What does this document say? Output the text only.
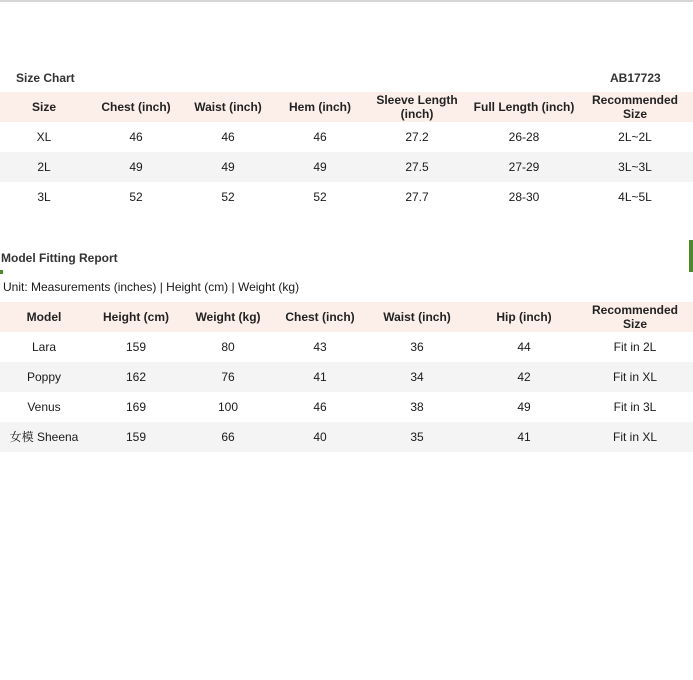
Size Chart	AB17723
Size	Chest (inch)	Waist (inch)	Hem (inch)	Sleeve Length (inch)	Full Length (inch)	Recommended Size
XL	46	46	46	27.2	26-28	2L~2L
2L	49	49	49	27.5	27-29	3L~3L
3L	52	52	52	27.7	28-30	4L~5L
Model Fitting Report
Unit: Measurements (inches) | Height (cm) | Weight (kg)
Model	Height (cm)	Weight (kg)	Chest (inch)	Waist (inch)	Hip (inch)	Recommended Size
Lara	159	80	43	36	44	Fit in 2L
Poppy	162	76	41	34	42	Fit in XL
Venus	169	100	46	38	49	Fit in 3L
女模 Sheena	159	66	40	35	41	Fit in XL
